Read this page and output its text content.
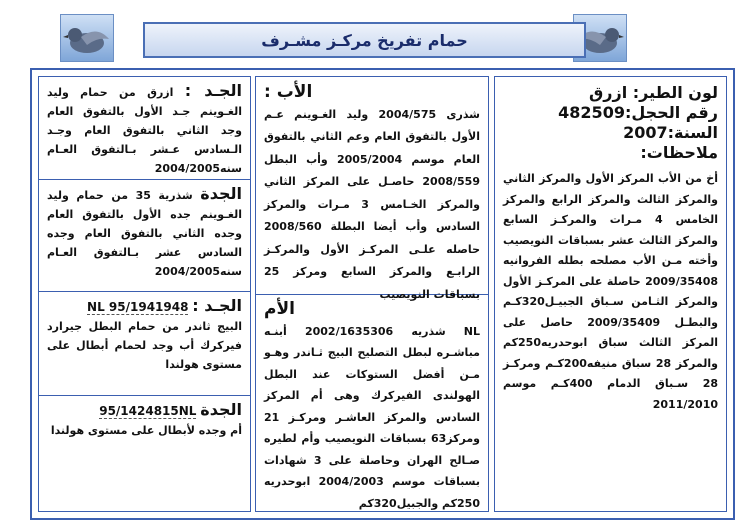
حمام تفريخ مركـز مشـرف
لون الطير: ازرق
رقم الحجل:482509
السنة:2007
ملاحظات:
أخ من الأب المركز الأول والمركز الثاني والمركز الثالث والمركز الرابع والمركز الخامس 4 مـرات والمركـز السابع والمركز الثالث عشر بسباقات النويصيب وأخته مـن الأب مصلحه بطله الفروانيه 2009/35408 حاصلة على المركـز الأول والمركز الثـامن سـباق الجبيـل320كـم والبطـل 2009/35409 حاصل على المركز الثالث سباق ابوحدريه250كم والمركز 28 سباق منيفه200كـم ومركـز 28 سـباق الدمام 400كـم موسم 2011/2010
الأب :
شذرى 2004/575 وليد الغـوينم عـم الأول بالتفوق العام وعم الثاني بالتفوق العام موسم 2005/2004 وأب البطل 2008/559 حاصـل على المركز الثاني والمركز الخـامس 3 مـرات والمركز السادس وأب أيضا البطلة 2008/560 حاصله علـى المركـز الأول والمركـز الرابـع والمركز السابع ومركز 25 بسباقات النويصيب
الأم
NL شذريه 2002/1635306 أبنـه مباشـره لبطل التصليح البيج ثـاندر وهـو مـن أفضل الستوكات عند البطل الهولندى الفيركرك وهى أم المركز السادس والمركز العاشـر ومركـز 21 ومركز63 بسباقات النويصيب وأم لطيره صـالح الهران وحاصلة على 3 شهادات بسباقات موسم 2004/2003 ابوحدريه 250كم والجبيل320كم
الجـد : ازرق من حمام وليد الغـوينم جـد الأول بالتفوق العام وجد الثاني بالتفوق العام وجـد الـسادس عـشر بـالتفوق العـام سنه2004/2005
الجدة شذرية 35 من حمام وليد الغـوينم جده الأول بالتفوق العام وجده الثاني بالتفوق العام وجده السادس عشر بـالتفوق العـام سنه2004/2005
الجـد : 95/1941948 NL
البيج ثاندر من حمام البطل جيرارد فيركرك أب وجد لحمام أبطال على مستوى هولندا
الجدة 95/1424815NL
أم وجده لأبطال على مستوى هولندا
